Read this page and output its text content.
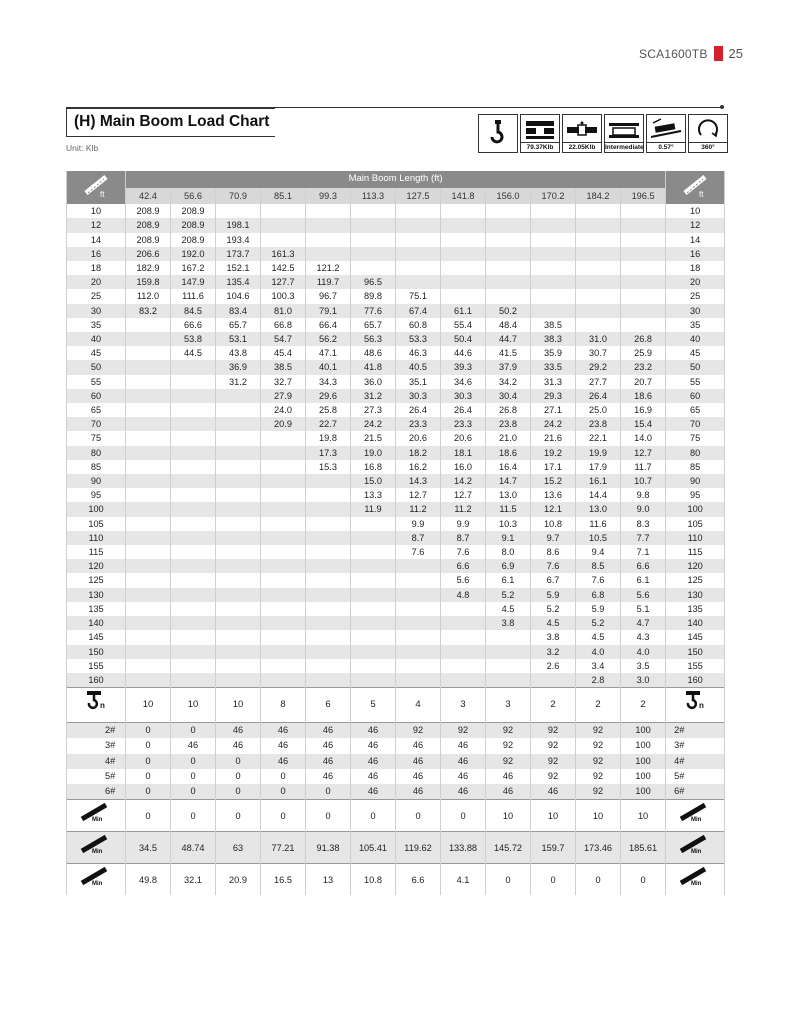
SCA1600TB 25
(H) Main Boom Load Chart
Unit: Klb	79.37Klb	22.05Klb	Intermediate	0.57°	360°
ft	Main Boom Length (ft)												ft

	42.4	56.6	70.9	85.1	99.3	113.3	127.5	141.8	156.0	170.2	184.2	196.5	
10	208.9	208.9											10
12	208.9	208.9	198.1										12
14	208.9	208.9	193.4										14
16	206.6	192.0	173.7	161.3									16
18	182.9	167.2	152.1	142.5	121.2								18
20	159.8	147.9	135.4	127.7	119.7	96.5							20
25	112.0	111.6	104.6	100.3	96.7	89.8	75.1						25
30	83.2	84.5	83.4	81.0	79.1	77.6	67.4	61.1	50.2				30
35		66.6	65.7	66.8	66.4	65.7	60.8	55.4	48.4	38.5			35
40		53.8	53.1	54.7	56.2	56.3	53.3	50.4	44.7	38.3	31.0	26.8	40
45		44.5	43.8	45.4	47.1	48.6	46.3	44.6	41.5	35.9	30.7	25.9	45
50			36.9	38.5	40.1	41.8	40.5	39.3	37.9	33.5	29.2	23.2	50
55			31.2	32.7	34.3	36.0	35.1	34.6	34.2	31.3	27.7	20.7	55
60				27.9	29.6	31.2	30.3	30.3	30.4	29.3	26.4	18.6	60
65				24.0	25.8	27.3	26.4	26.4	26.8	27.1	25.0	16.9	65
70				20.9	22.7	24.2	23.3	23.3	23.8	24.2	23.8	15.4	70
75					19.8	21.5	20.6	20.6	21.0	21.6	22.1	14.0	75
80					17.3	19.0	18.2	18.1	18.6	19.2	19.9	12.7	80
85					15.3	16.8	16.2	16.0	16.4	17.1	17.9	11.7	85
90						15.0	14.3	14.2	14.7	15.2	16.1	10.7	90
95						13.3	12.7	12.7	13.0	13.6	14.4	9.8	95
100						11.9	11.2	11.2	11.5	12.1	13.0	9.0	100
105							9.9	9.9	10.3	10.8	11.6	8.3	105
110							8.7	8.7	9.1	9.7	10.5	7.7	110
115							7.6	7.6	8.0	8.6	9.4	7.1	115
120								6.6	6.9	7.6	8.5	6.6	120
125								5.6	6.1	6.7	7.6	6.1	125
130								4.8	5.2	5.9	6.8	5.6	130
135									4.5	5.2	5.9	5.1	135
140									3.8	4.5	5.2	4.7	140
145										3.8	4.5	4.3	145
150										3.2	4.0	4.0	150
155										2.6	3.4	3.5	155
160											2.8	3.0	160

n	10	10	10	8	6	5	4	3	3	2	2	2	n

2#	0	0	46	46	46	46	92	92	92	92	92	100	2#
3#	0	46	46	46	46	46	46	46	92	92	92	100	3#
4#	0	0	0	46	46	46	46	46	92	92	92	100	4#
5#	0	0	0	0	46	46	46	46	46	92	92	100	5#
6#	0	0	0	0	0	46	46	46	46	46	92	100	6#

Min	0	0	0	0	0	0	0	0	10	10	10	10	Min

Min	34.5	48.74	63	77.21	91.38	105.41	119.62	133.88	145.72	159.7	173.46	185.61	Min

Min	49.8	32.1	20.9	16.5	13	10.8	6.6	4.1	0	0	0	0	Min
